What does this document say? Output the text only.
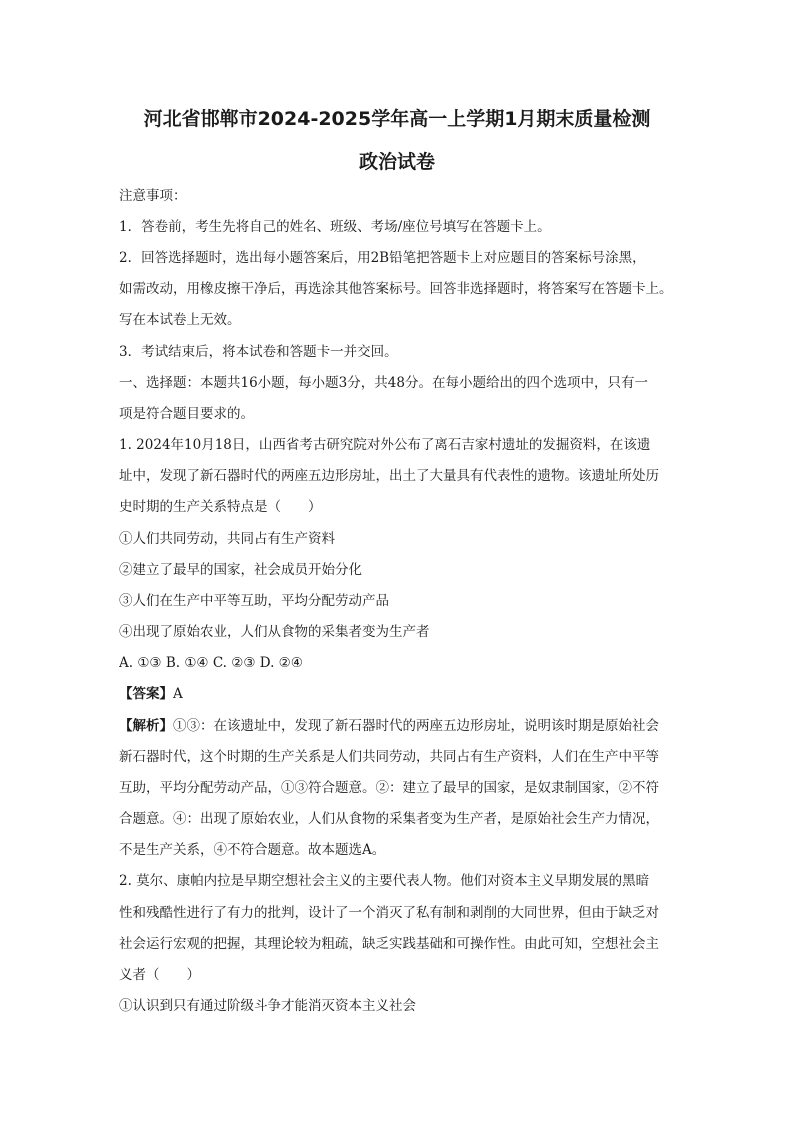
河北省邯郸市2024-2025学年高一上学期1月期末质量检测
政治试卷
注意事项：
1．答卷前，考生先将自己的姓名、班级、考场/座位号填写在答题卡上。
2．回答选择题时，选出每小题答案后，用2B铅笔把答题卡上对应题目的答案标号涂黑，
如需改动，用橡皮擦干净后，再选涂其他答案标号。回答非选择题时，将答案写在答题卡上。
写在本试卷上无效。
3．考试结束后，将本试卷和答题卡一并交回。
一、选择题：本题共16小题，每小题3分，共48分。在每小题给出的四个选项中，只有一
项是符合题目要求的。
1. 2024年10月18日，山西省考古研究院对外公布了离石吉家村遗址的发掘资料，在该遗
址中，发现了新石器时代的两座五边形房址，出土了大量具有代表性的遗物。该遗址所处历
史时期的生产关系特点是（　　）
①人们共同劳动，共同占有生产资料
②建立了最早的国家，社会成员开始分化
③人们在生产中平等互助，平均分配劳动产品
④出现了原始农业，人们从食物的采集者变为生产者
A. ①③ B. ①④ C. ②③ D. ②④
【答案】A
【解析】①③：在该遗址中，发现了新石器时代的两座五边形房址，说明该时期是原始社会
新石器时代，这个时期的生产关系是人们共同劳动，共同占有生产资料，人们在生产中平等
互助，平均分配劳动产品，①③符合题意。②：建立了最早的国家，是奴隶制国家，②不符
合题意。④：出现了原始农业，人们从食物的采集者变为生产者，是原始社会生产力情况，
不是生产关系，④不符合题意。故本题选A。
2. 莫尔、康帕内拉是早期空想社会主义的主要代表人物。他们对资本主义早期发展的黑暗
性和残酷性进行了有力的批判，设计了一个消灭了私有制和剥削的大同世界，但由于缺乏对
社会运行宏观的把握，其理论较为粗疏，缺乏实践基础和可操作性。由此可知，空想社会主
义者（　　）
①认识到只有通过阶级斗争才能消灭资本主义社会
